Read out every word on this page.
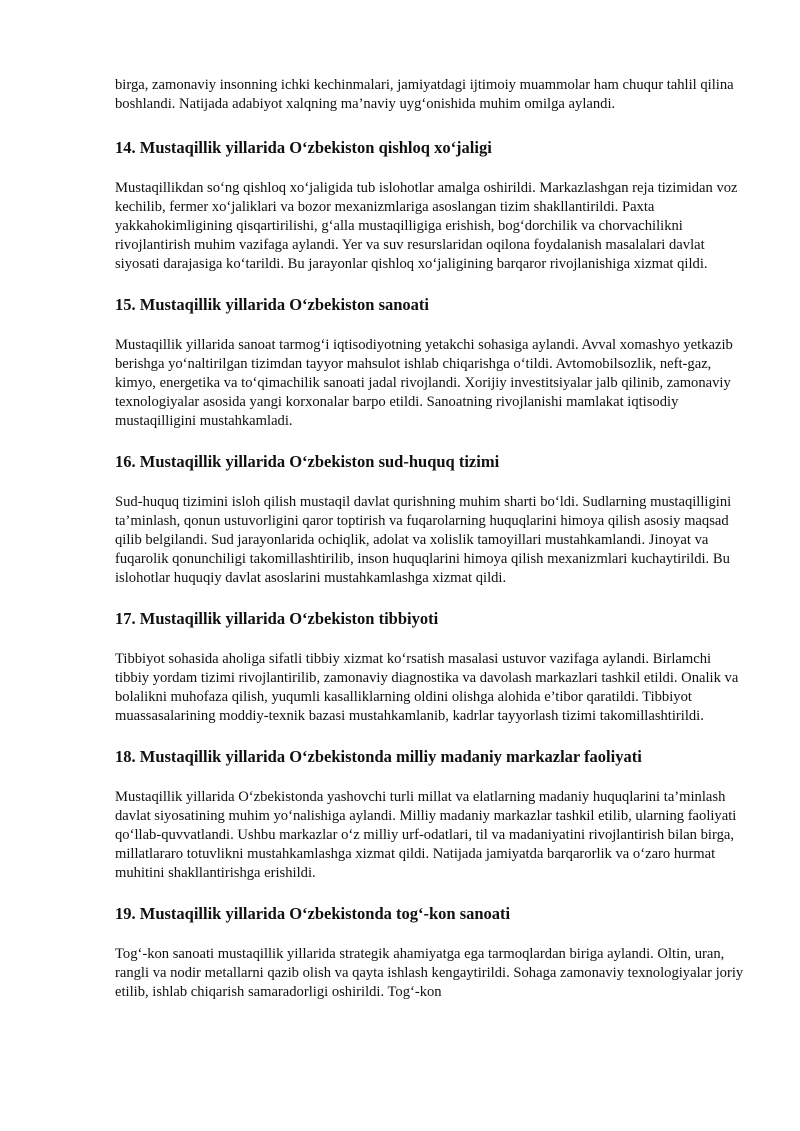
birga, zamonaviy insonning ichki kechinmalari, jamiyatdagi ijtimoiy muammolar ham chuqur tahlil qilina boshlandi. Natijada adabiyot xalqning ma’naviy uyg‘onishida muhim omilga aylandi.

14. Mustaqillik yillarida O‘zbekiston qishloq xo‘jaligi

Mustaqillikdan so‘ng qishloq xo‘jaligida tub islohotlar amalga oshirildi. Markazlashgan reja tizimidan voz kechilib, fermer xo‘jaliklari va bozor mexanizmlariga asoslangan tizim shakllantirildi. Paxta yakkahokimligining qisqartirilishi, g‘alla mustaqilligiga erishish, bog‘dorchilik va chorvachilikni rivojlantirish muhim vazifaga aylandi. Yer va suv resurslaridan oqilona foydalanish masalalari davlat siyosati darajasiga ko‘tarildi. Bu jarayonlar qishloq xo‘jaligining barqaror rivojlanishiga xizmat qildi.

15. Mustaqillik yillarida O‘zbekiston sanoati

Mustaqillik yillarida sanoat tarmog‘i iqtisodiyotning yetakchi sohasiga aylandi. Avval xomashyo yetkazib berishga yo‘naltirilgan tizimdan tayyor mahsulot ishlab chiqarishga o‘tildi. Avtomobilsozlik, neft-gaz, kimyo, energetika va to‘qimachilik sanoati jadal rivojlandi. Xorijiy investitsiyalar jalb qilinib, zamonaviy texnologiyalar asosida yangi korxonalar barpo etildi. Sanoatning rivojlanishi mamlakat iqtisodiy mustaqilligini mustahkamladi.

16. Mustaqillik yillarida O‘zbekiston sud-huquq tizimi

Sud-huquq tizimini isloh qilish mustaqil davlat qurishning muhim sharti bo‘ldi. Sudlarning mustaqilligini ta’minlash, qonun ustuvorligini qaror toptirish va fuqarolarning huquqlarini himoya qilish asosiy maqsad qilib belgilandi. Sud jarayonlarida ochiqlik, adolat va xolislik tamoyillari mustahkamlandi. Jinoyat va fuqarolik qonunchiligi takomillashtirilib, inson huquqlarini himoya qilish mexanizmlari kuchaytirildi. Bu islohotlar huquqiy davlat asoslarini mustahkamlashga xizmat qildi.

17. Mustaqillik yillarida O‘zbekiston tibbiyoti

Tibbiyot sohasida aholiga sifatli tibbiy xizmat ko‘rsatish masalasi ustuvor vazifaga aylandi. Birlamchi tibbiy yordam tizimi rivojlantirilib, zamonaviy diagnostika va davolash markazlari tashkil etildi. Onalik va bolalikni muhofaza qilish, yuqumli kasalliklarning oldini olishga alohida e’tibor qaratildi. Tibbiyot muassasalarining moddiy-texnik bazasi mustahkamlanib, kadrlar tayyorlash tizimi takomillashtirildi.

18. Mustaqillik yillarida O‘zbekistonda milliy madaniy markazlar faoliyati

Mustaqillik yillarida O‘zbekistonda yashovchi turli millat va elatlarning madaniy huquqlarini ta’minlash davlat siyosatining muhim yo‘nalishiga aylandi. Milliy madaniy markazlar tashkil etilib, ularning faoliyati qo‘llab-quvvatlandi. Ushbu markazlar o‘z milliy urf-odatlari, til va madaniyatini rivojlantirish bilan birga, millatlararo totuvlikni mustahkamlashga xizmat qildi. Natijada jamiyatda barqarorlik va o‘zaro hurmat muhitini shakllantirishga erishildi.

19. Mustaqillik yillarida O‘zbekistonda tog‘-kon sanoati

Tog‘-kon sanoati mustaqillik yillarida strategik ahamiyatga ega tarmoqlardan biriga aylandi. Oltin, uran, rangli va nodir metallarni qazib olish va qayta ishlash kengaytirildi. Sohaga zamonaviy texnologiyalar joriy etilib, ishlab chiqarish samaradorligi oshirildi. Tog‘-kon
